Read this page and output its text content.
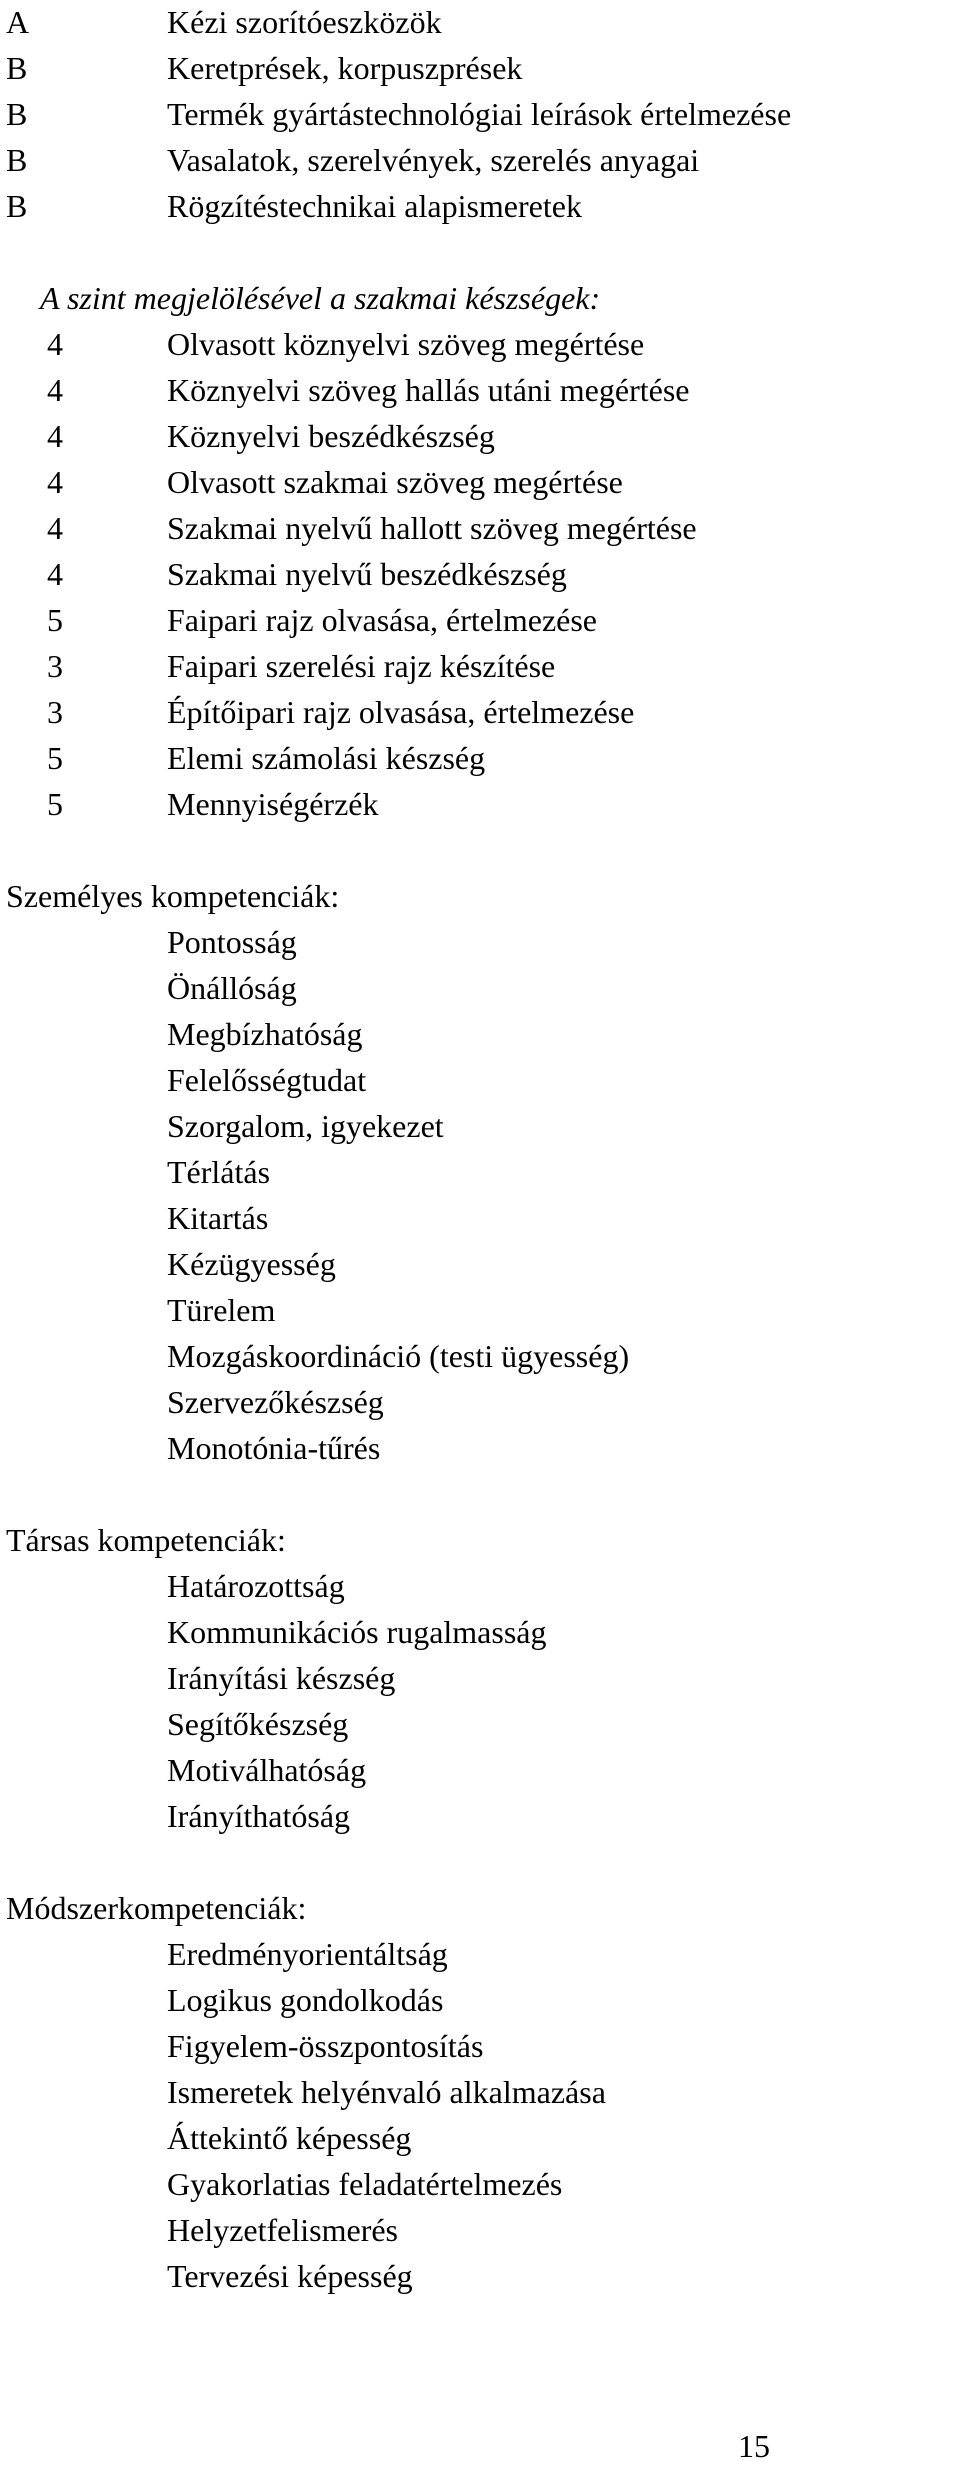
A	Kézi szorítóeszközök
B	Keretprések, korpuszprések
B	Termék gyártástechnológiai leírások értelmezése
B	Vasalatok, szerelvények, szerelés anyagai
B	Rögzítéstechnikai alapismeretek
A szint megjelölésével a szakmai készségek:
4	Olvasott köznyelvi szöveg megértése
4	Köznyelvi szöveg hallás utáni megértése
4	Köznyelvi beszédkészség
4	Olvasott szakmai szöveg megértése
4	Szakmai nyelvű hallott szöveg megértése
4	Szakmai nyelvű beszédkészség
5	Faipari rajz olvasása, értelmezése
3	Faipari szerelési rajz készítése
3	Építőipari rajz olvasása, értelmezése
5	Elemi számolási készség
5	Mennyiségérzék
Személyes kompetenciák:
Pontosság
Önállóság
Megbízhatóság
Felelősségtudat
Szorgalom, igyekezet
Térlátás
Kitartás
Kézügyesség
Türelem
Mozgáskoordináció (testi ügyesség)
Szervezőkészség
Monotónia-tűrés
Társas kompetenciák:
Határozottság
Kommunikációs rugalmasság
Irányítási készség
Segítőkészség
Motiválhatóság
Irányíthatóság
Módszerkompetenciák:
Eredményorientáltság
Logikus gondolkodás
Figyelem-összpontosítás
Ismeretek helyénvaló alkalmazása
Áttekintő képesség
Gyakorlatias feladatértelmezés
Helyzetfelismerés
Tervezési képesség
15
